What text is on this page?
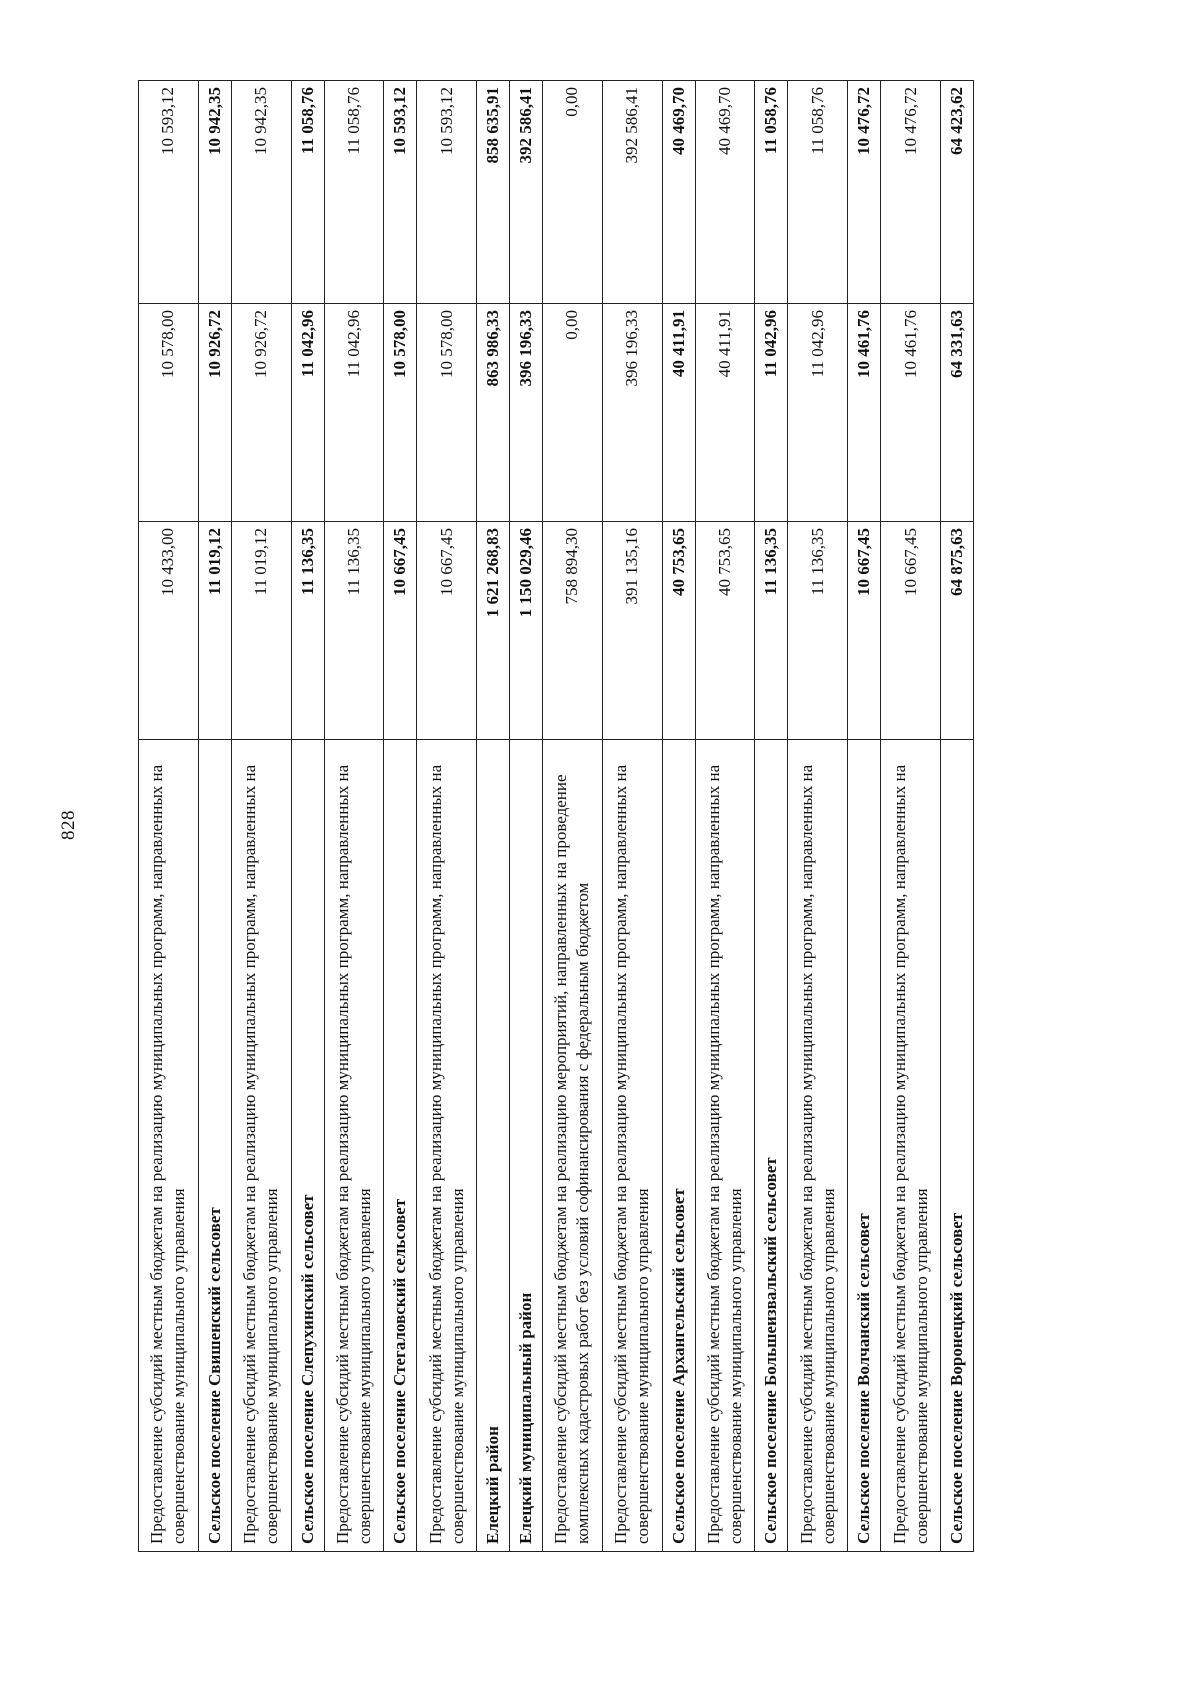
828	Предоставление субсидий местным бюджетам на реализацию муниципальных программ, направленных на совершенствование муниципального управления	10 433,00	10 578,00	10 593,12
Сельское поселение Свишенский сельсовет	11 019,12	10 926,72	10 942,35
Предоставление субсидий местным бюджетам на реализацию муниципальных программ, направленных на совершенствование муниципального управления	11 019,12	10 926,72	10 942,35
Сельское поселение Слепухинский сельсовет	11 136,35	11 042,96	11 058,76
Предоставление субсидий местным бюджетам на реализацию муниципальных программ, направленных на совершенствование муниципального управления	11 136,35	11 042,96	11 058,76
Сельское поселение Стегаловский сельсовет	10 667,45	10 578,00	10 593,12
Предоставление субсидий местным бюджетам на реализацию муниципальных программ, направленных на совершенствование муниципального управления	10 667,45	10 578,00	10 593,12
Елецкий район	1 621 268,83	863 986,33	858 635,91
Елецкий муниципальный район	1 150 029,46	396 196,33	392 586,41
Предоставление субсидий местным бюджетам на реализацию мероприятий, направленных на проведение комплексных кадастровых работ без условий софинансирования с федеральным бюджетом	758 894,30	0,00	0,00
Предоставление субсидий местным бюджетам на реализацию муниципальных программ, направленных на совершенствование муниципального управления	391 135,16	396 196,33	392 586,41
Сельское поселение Архангельский сельсовет	40 753,65	40 411,91	40 469,70
Предоставление субсидий местным бюджетам на реализацию муниципальных программ, направленных на совершенствование муниципального управления	40 753,65	40 411,91	40 469,70
Сельское поселение Большеизвальский сельсовет	11 136,35	11 042,96	11 058,76
Предоставление субсидий местным бюджетам на реализацию муниципальных программ, направленных на совершенствование муниципального управления	11 136,35	11 042,96	11 058,76
Сельское поселение Волчанский сельсовет	10 667,45	10 461,76	10 476,72
Предоставление субсидий местным бюджетам на реализацию муниципальных программ, направленных на совершенствование муниципального управления	10 667,45	10 461,76	10 476,72
Сельское поселение Воронецкий сельсовет	64 875,63	64 331,63	64 423,62
